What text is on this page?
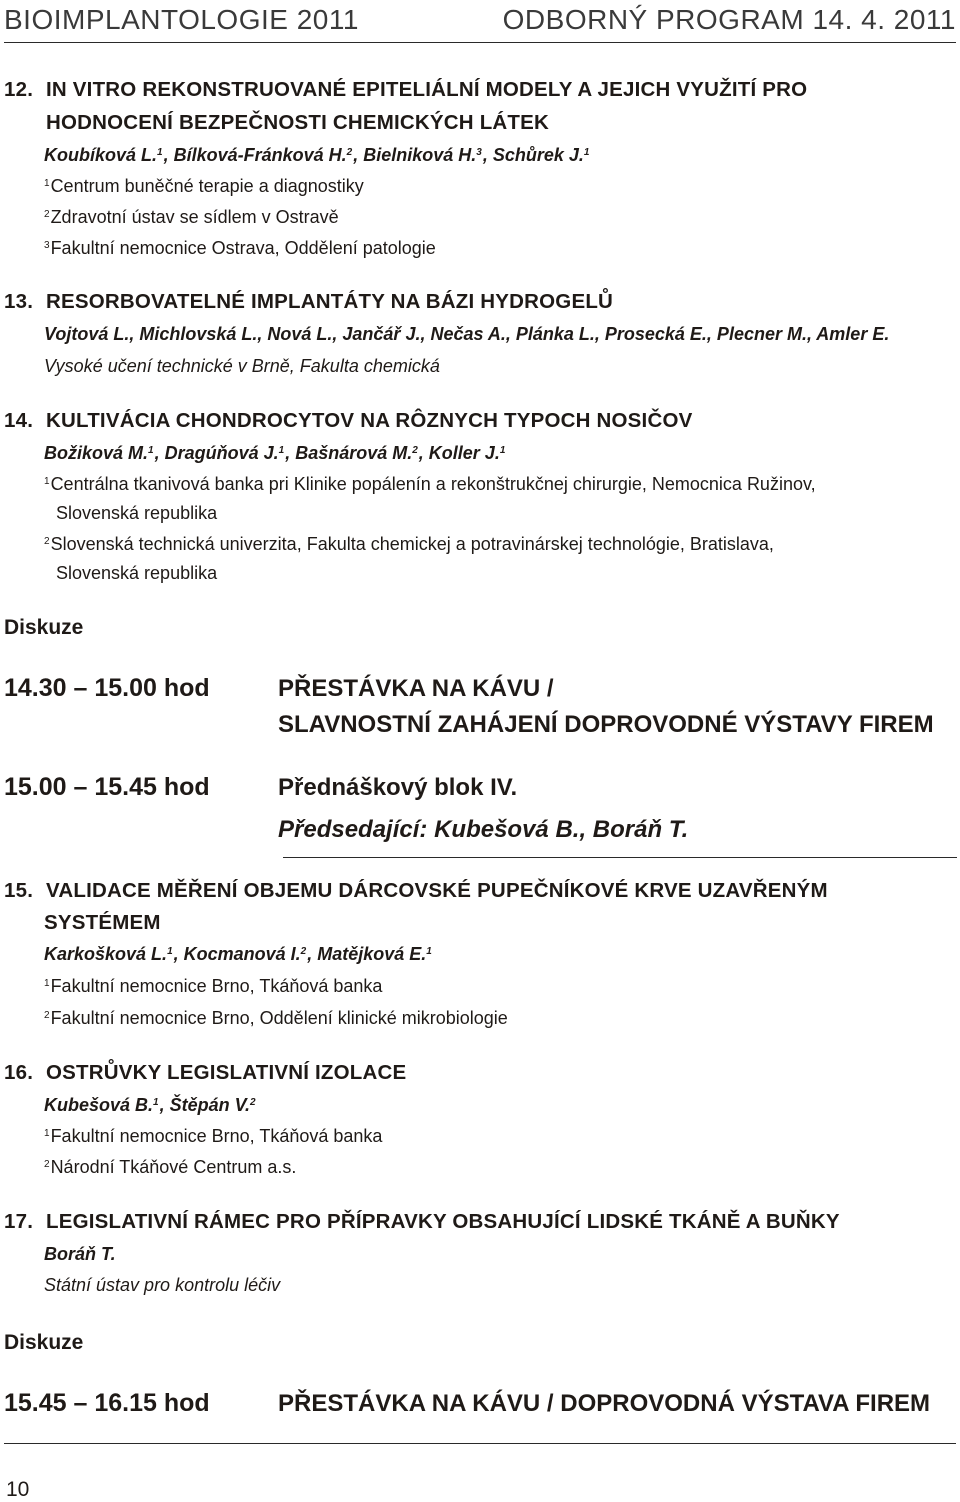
BIOIMPLANTOLOGIE 2011	ODBORNÝ PROGRAM 14. 4. 2011
12. IN VITRO REKONSTRUOVANÉ EPITELIÁLNÍ MODELY A JEJICH VYUŽITÍ PRO
HODNOCENÍ BEZPEČNOSTI CHEMICKÝCH LÁTEK
Koubíková L.$^1$, Bílková-Fránková H.$^2$, Bielniková H.$^3$, Schůrek J.$^1$
$^1$Centrum buněčné terapie a diagnostiky
$^2$Zdravotní ústav se sídlem v Ostravě
$^3$Fakultní nemocnice Ostrava, Oddělení patologie
13. RESORBOVATELNÉ IMPLANTÁTY NA BÁZI HYDROGELŮ
Vojtová L., Michlovská L., Nová L., Jančář J., Nečas A., Plánka L., Prosecká E., Plecner M., Amler E.
Vysoké učení technické v Brně, Fakulta chemická
14. KULTIVÁCIA CHONDROCYTOV NA RÔZNYCH TYPOCH NOSIČOV
Božiková M.$^1$, Dragúňová J.$^1$, Bašnárová M.$^2$, Koller J.$^1$
$^1$Centrálna tkanivová banka pri Klinike popálenín a rekonštrukčnej chirurgie, Nemocnica Ružinov,
Slovenská republika
$^2$Slovenská technická univerzita, Fakulta chemickej a potravinárskej technológie, Bratislava,
Slovenská republika
Diskuze
14.30 – 15.00 hod	PŘESTÁVKA NA KÁVU /
SLAVNOSTNÍ ZAHÁJENÍ DOPROVODNÉ VÝSTAVY FIREM
15.00 – 15.45 hod	Přednáškový blok IV.
Předsedající: Kubešová B., Boráň T.
15. VALIDACE MĚŘENÍ OBJEMU DÁRCOVSKÉ PUPEČNÍKOVÉ KRVE UZAVŘENÝM
SYSTÉMEM
Karkošková L.$^1$, Kocmanová I.$^2$, Matějková E.$^1$
$^1$Fakultní nemocnice Brno, Tkáňová banka
$^2$Fakultní nemocnice Brno, Oddělení klinické mikrobiologie
16. OSTRŮVKY LEGISLATIVNÍ IZOLACE
Kubešová B.$^1$, Štěpán V.$^2$
$^1$Fakultní nemocnice Brno, Tkáňová banka
$^2$Národní Tkáňové Centrum a.s.
17. LEGISLATIVNÍ RÁMEC PRO PŘÍPRAVKY OBSAHUJÍCÍ LIDSKÉ TKÁNĚ A BUŇKY
Boráň T.
Státní ústav pro kontrolu léčiv
Diskuze
15.45 – 16.15 hod	PŘESTÁVKA NA KÁVU / DOPROVODNÁ VÝSTAVA FIREM
10
